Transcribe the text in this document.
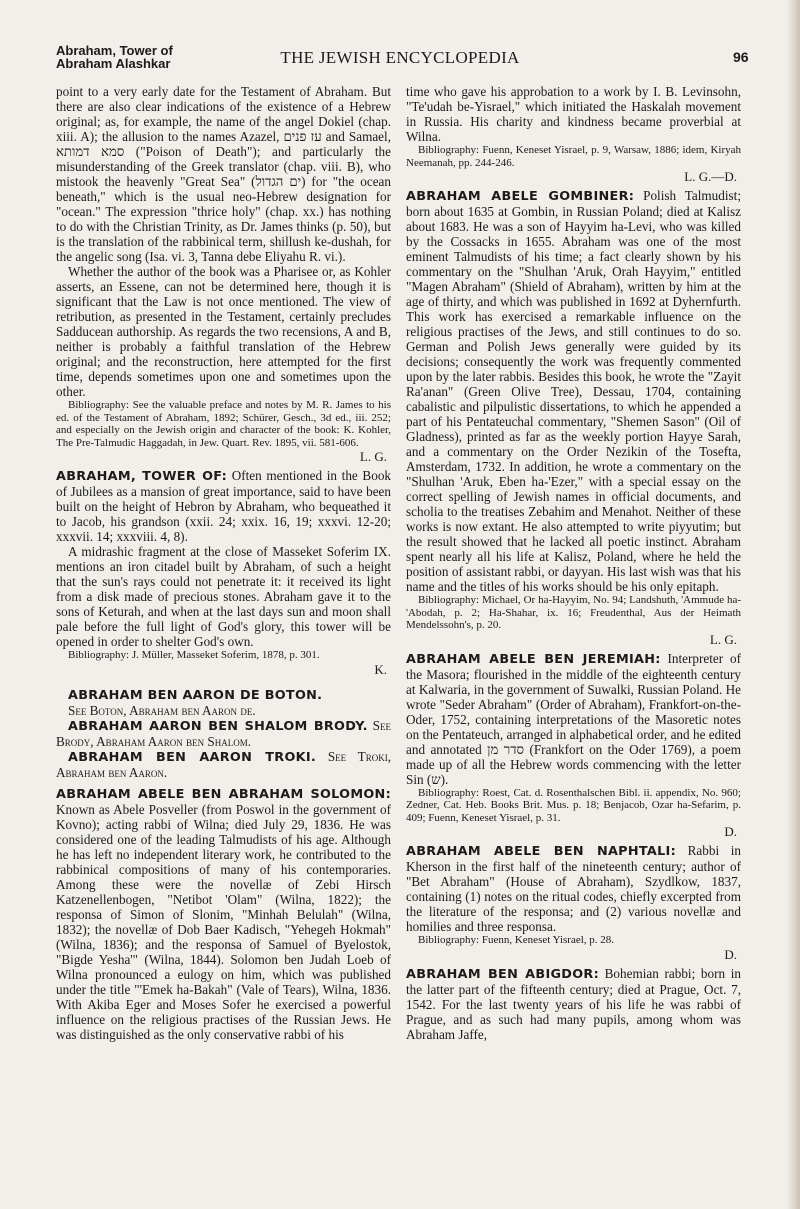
Abraham, Tower of
Abraham Alashkar	THE JEWISH ENCYCLOPEDIA	96

point to a very early date for the Testament of Abraham. But there are also clear indications of the existence of a Hebrew original; as, for example, the name of the angel Dokiel (chap. xiii. A); the allusion to the names Azazel, עז פנים and Samael, סמא דמותא ("Poison of Death"); and particularly the misunderstanding of the Greek translator (chap. viii. B), who mistook the heavenly "Great Sea" (ים הגדול) for "the ocean beneath," which is the usual neo-Hebrew designation for "ocean." The expression "thrice holy" (chap. xx.) has nothing to do with the Christian Trinity, as Dr. James thinks (p. 50), but is the translation of the rabbinical term, shillush ke-dushah, for the angelic song (Isa. vi. 3, Tanna debe Eliyahu R. vi.).

Whether the author of the book was a Pharisee or, as Kohler asserts, an Essene, can not be determined here, though it is significant that the Law is not once mentioned. The view of retribution, as presented in the Testament, certainly precludes Sadducean authorship. As regards the two recensions, A and B, neither is probably a faithful translation of the Hebrew original; and the reconstruction, here attempted for the first time, depends sometimes upon one and sometimes upon the other.

Bibliography: See the valuable preface and notes by M. R. James to his ed. of the Testament of Abraham, 1892; Schürer, Gesch., 3d ed., iii. 252; and especially on the Jewish origin and character of the book: K. Kohler, The Pre-Talmudic Haggadah, in Jew. Quart. Rev. 1895, vii. 581-606.

L. G.

ABRAHAM, TOWER OF: Often mentioned in the Book of Jubilees as a mansion of great importance, said to have been built on the height of Hebron by Abraham, who bequeathed it to Jacob, his grandson (xxii. 24; xxix. 16, 19; xxxvi. 12-20; xxxvii. 14; xxxviii. 4, 8).

A midrashic fragment at the close of Masseket Soferim IX. mentions an iron citadel built by Abraham, of such a height that the sun's rays could not penetrate it: it received its light from a disk made of precious stones. Abraham gave it to the sons of Keturah, and when at the last days sun and moon shall pale before the full light of God's glory, this tower will be opened in order to shelter God's own.

Bibliography: J. Müller, Masseket Soferim, 1878, p. 301.

K.

ABRAHAM BEN AARON DE BOTON.

See Boton, Abraham ben Aaron de.

ABRAHAM AARON BEN SHALOM BRODY. See Brody, Abraham Aaron ben Shalom.

ABRAHAM BEN AARON TROKI. See Troki, Abraham ben Aaron.

ABRAHAM ABELE BEN ABRAHAM SOLOMON: Known as Abele Posveller (from Poswol in the government of Kovno); acting rabbi of Wilna; died July 29, 1836. He was considered one of the leading Talmudists of his age. Although he has left no independent literary work, he contributed to the rabbinical compositions of many of his contemporaries. Among these were the novellæ of Zebi Hirsch Katzenellenbogen, "Netibot 'Olam" (Wilna, 1822); the responsa of Simon of Slonim, "Minhah Belulah" (Wilna, 1832); the novellæ of Dob Baer Kadisch, "Yehegeh Hokmah" (Wilna, 1836); and the responsa of Samuel of Byelostok, "Bigde Yesha'" (Wilna, 1844). Solomon ben Judah Loeb of Wilna pronounced a eulogy on him, which was published under the title "'Emek ha-Bakah" (Vale of Tears), Wilna, 1836. With Akiba Eger and Moses Sofer he exercised a powerful influence on the religious practises of the Russian Jews. He was distinguished as the only conservative rabbi of his

time who gave his approbation to a work by I. B. Levinsohn, "Te'udah be-Yisrael," which initiated the Haskalah movement in Russia. His charity and kindness became proverbial at Wilna.

Bibliography: Fuenn, Keneset Yisrael, p. 9, Warsaw, 1886; idem, Kiryah Neemanah, pp. 244-246.

L. G.—D.

ABRAHAM ABELE GOMBINER: Polish Talmudist; born about 1635 at Gombin, in Russian Poland; died at Kalisz about 1683. He was a son of Hayyim ha-Levi, who was killed by the Cossacks in 1655. Abraham was one of the most eminent Talmudists of his time; a fact clearly shown by his commentary on the "Shulhan 'Aruk, Orah Hayyim," entitled "Magen Abraham" (Shield of Abraham), written by him at the age of thirty, and which was published in 1692 at Dyhernfurth. This work has exercised a remarkable influence on the religious practises of the Jews, and still continues to do so. German and Polish Jews generally were guided by its decisions; consequently the work was frequently commented upon by the later rabbis. Besides this book, he wrote the "Zayit Ra'anan" (Green Olive Tree), Dessau, 1704, containing cabalistic and pilpulistic dissertations, to which he appended a part of his Pentateuchal commentary, "Shemen Sason" (Oil of Gladness), printed as far as the weekly portion Hayye Sarah, and a commentary on the Order Nezikin of the Tosefta, Amsterdam, 1732. In addition, he wrote a commentary on the "Shulhan 'Aruk, Eben ha-'Ezer," with a special essay on the correct spelling of Jewish names in official documents, and scholia to the treatises Zebahim and Menahot. Neither of these works is now extant. He also attempted to write piyyutim; but the result showed that he lacked all poetic instinct. Abraham spent nearly all his life at Kalisz, Poland, where he held the position of assistant rabbi, or dayyan. His last wish was that his name and the titles of his works should be his only epitaph.

Bibliography: Michael, Or ha-Hayyim, No. 94; Landshuth, 'Ammude ha-'Abodah, p. 2; Ha-Shahar, ix. 16; Freudenthal, Aus der Heimath Mendelssohn's, p. 20.

L. G.

ABRAHAM ABELE BEN JEREMIAH: Interpreter of the Masora; flourished in the middle of the eighteenth century at Kalwaria, in the government of Suwalki, Russian Poland. He wrote "Seder Abraham" (Order of Abraham), Frankfort-on-the-Oder, 1752, containing interpretations of the Masoretic notes on the Pentateuch, arranged in alphabetical order, and he edited and annotated סדר מן (Frankfort on the Oder 1769), a poem made up of all the Hebrew words commencing with the letter Sin (ש).

Bibliography: Roest, Cat. d. Rosenthalschen Bibl. ii. appendix, No. 960; Zedner, Cat. Heb. Books Brit. Mus. p. 18; Benjacob, Ozar ha-Sefarim, p. 409; Fuenn, Keneset Yisrael, p. 31.

D.

ABRAHAM ABELE BEN NAPHTALI: Rabbi in Kherson in the first half of the nineteenth century; author of "Bet Abraham" (House of Abraham), Szydlkow, 1837, containing (1) notes on the ritual codes, chiefly excerpted from the literature of the responsa; and (2) various novellæ and homilies and three responsa.

Bibliography: Fuenn, Keneset Yisrael, p. 28.

D.

ABRAHAM BEN ABIGDOR: Bohemian rabbi; born in the latter part of the fifteenth century; died at Prague, Oct. 7, 1542. For the last twenty years of his life he was rabbi of Prague, and as such had many pupils, among whom was Abraham Jaffe,
